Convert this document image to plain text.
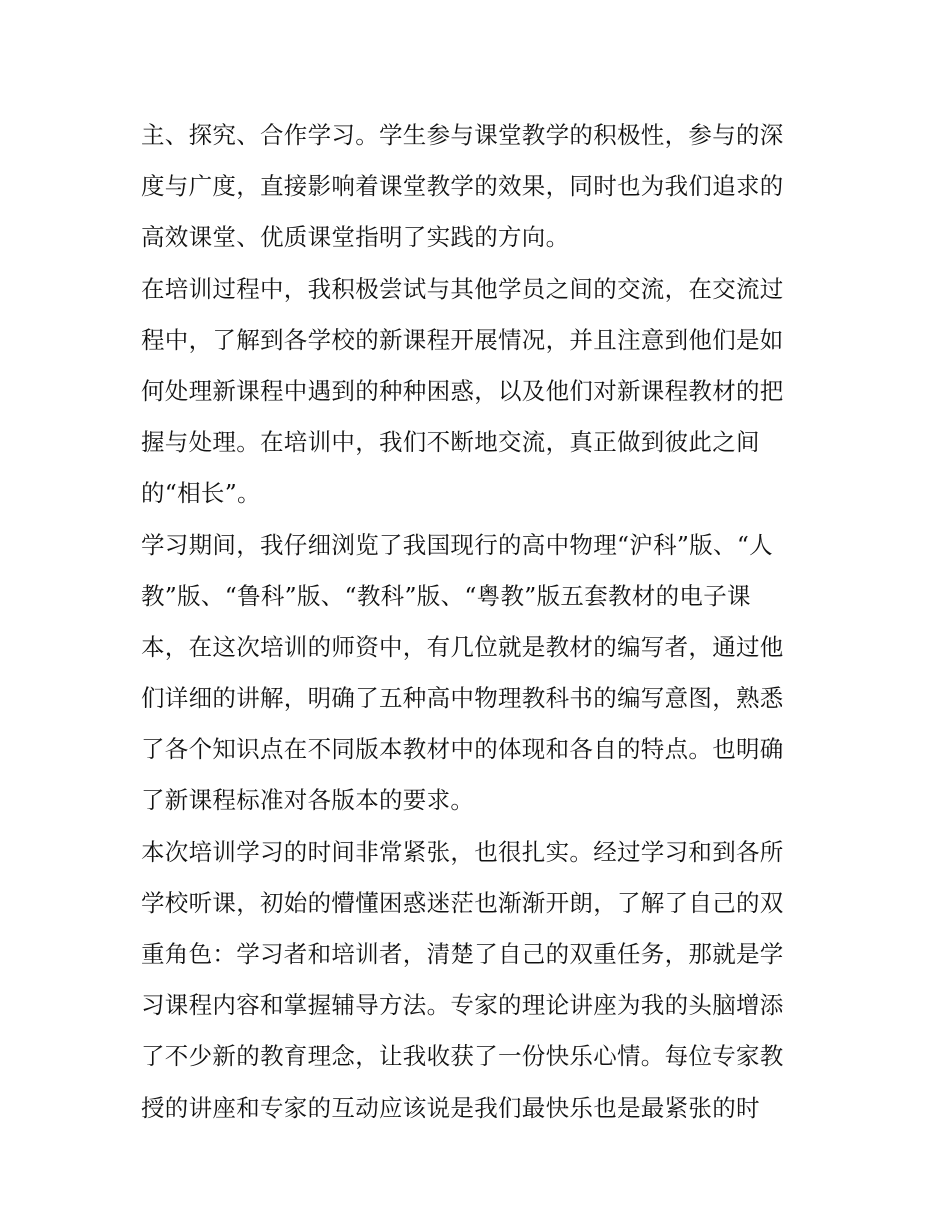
主、探究、合作学习。学生参与课堂教学的积极性，参与的深
度与广度，直接影响着课堂教学的效果，同时也为我们追求的
高效课堂、优质课堂指明了实践的方向。
在培训过程中，我积极尝试与其他学员之间的交流，在交流过
程中，了解到各学校的新课程开展情况，并且注意到他们是如
何处理新课程中遇到的种种困惑，以及他们对新课程教材的把
握与处理。在培训中，我们不断地交流，真正做到彼此之间
的“相长”。
学习期间，我仔细浏览了我国现行的高中物理“沪科”版、“人
教”版、“鲁科”版、“教科”版、“粤教”版五套教材的电子课
本，在这次培训的师资中，有几位就是教材的编写者，通过他
们详细的讲解，明确了五种高中物理教科书的编写意图，熟悉
了各个知识点在不同版本教材中的体现和各自的特点。也明确
了新课程标准对各版本的要求。
本次培训学习的时间非常紧张，也很扎实。经过学习和到各所
学校听课，初始的懵懂困惑迷茫也渐渐开朗，了解了自己的双
重角色：学习者和培训者，清楚了自己的双重任务，那就是学
习课程内容和掌握辅导方法。专家的理论讲座为我的头脑增添
了不少新的教育理念，让我收获了一份快乐心情。每位专家教
授的讲座和专家的互动应该说是我们最快乐也是最紧张的时
